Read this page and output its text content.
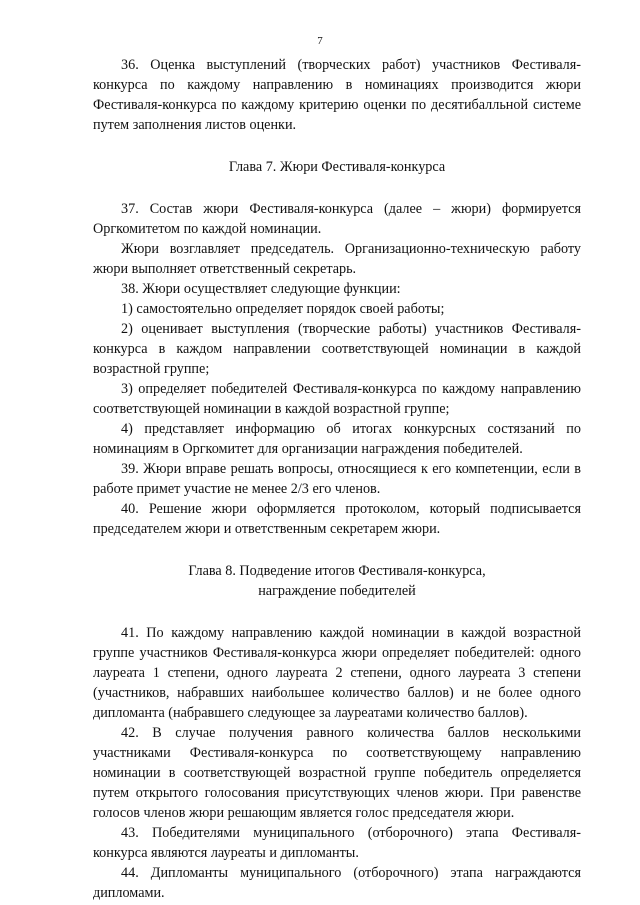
7

36. Оценка выступлений (творческих работ) участников Фестиваля-конкурса по каждому направлению в номинациях производится жюри Фестиваля-конкурса по каждому критерию оценки по десятибалльной системе путем заполнения листов оценки.

Глава 7. Жюри Фестиваля-конкурса

37. Состав жюри Фестиваля-конкурса (далее – жюри) формируется Оргкомитетом по каждой номинации.

Жюри возглавляет председатель. Организационно-техническую работу жюри выполняет ответственный секретарь.

38. Жюри осуществляет следующие функции:

1) самостоятельно определяет порядок своей работы;

2) оценивает выступления (творческие работы) участников Фестиваля-конкурса в каждом направлении соответствующей номинации в каждой возрастной группе;

3) определяет победителей Фестиваля-конкурса по каждому направлению соответствующей номинации в каждой возрастной группе;

4) представляет информацию об итогах конкурсных состязаний по номинациям в Оргкомитет для организации награждения победителей.

39. Жюри вправе решать вопросы, относящиеся к его компетенции, если в работе примет участие не менее 2/3 его членов.

40. Решение жюри оформляется протоколом, который подписывается председателем жюри и ответственным секретарем жюри.

Глава 8. Подведение итогов Фестиваля-конкурса,

награждение победителей

41. По каждому направлению каждой номинации в каждой возрастной группе участников Фестиваля-конкурса жюри определяет победителей: одного лауреата 1 степени, одного лауреата 2 степени, одного лауреата 3 степени (участников, набравших наибольшее количество баллов) и не более одного дипломанта (набравшего следующее за лауреатами количество баллов).

42. В случае получения равного количества баллов несколькими участниками Фестиваля-конкурса по соответствующему направлению номинации в соответствующей возрастной группе победитель определяется путем открытого голосования присутствующих членов жюри. При равенстве голосов членов жюри решающим является голос председателя жюри.

43. Победителями муниципального (отборочного) этапа Фестиваля-конкурса являются лауреаты и дипломанты.

44. Дипломанты муниципального (отборочного) этапа награждаются дипломами.
